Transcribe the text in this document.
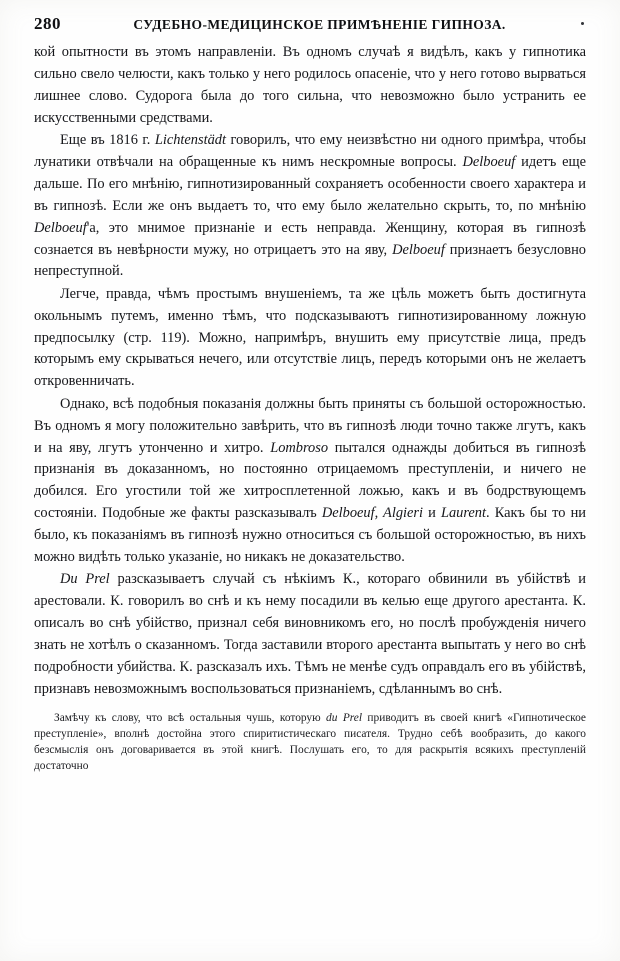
280	СУДЕБНО-МЕДИЦИНСКОЕ ПРИМѢНЕНІЕ ГИПНОЗА.

кой опытности въ этомъ направленіи. Въ одномъ случаѣ я видѣлъ, какъ у гипнотика сильно свело челюсти, какъ только у него родилось опасеніе, что у него готово вырваться лишнее слово. Судорога была до того сильна, что невозможно было устранить ее искусственными средствами.

Еще въ 1816 г. Lichtenstädt говорилъ, что ему неизвѣстно ни одного примѣра, чтобы лунатики отвѣчали на обращенные къ нимъ нескромные вопросы. Delboeuf идетъ еще дальше. По его мнѣнію, гипнотизированный сохраняетъ особенности своего характера и въ гипнозѣ. Если же онъ выдаетъ то, что ему было желательно скрыть, то, по мнѣнію Delboeuf'а, это мнимое признаніе и есть неправда. Женщину, которая въ гипнозѣ сознается въ невѣрности мужу, но отрицаетъ это на яву, Delboeuf признаетъ безусловно непреступной.

Легче, правда, чѣмъ простымъ внушеніемъ, та же цѣль можетъ быть достигнута окольнымъ путемъ, именно тѣмъ, что подсказываютъ гипнотизированному ложную предпосылку (стр. 119). Можно, напримѣръ, внушить ему присутствіе лица, предъ которымъ ему скрываться нечего, или отсутствіе лицъ, передъ которыми онъ не желаетъ откровенничать.

Однако, всѣ подобныя показанія должны быть приняты съ большой осторожностью. Въ одномъ я могу положительно завѣрить, что въ гипнозѣ люди точно также лгутъ, какъ и на яву, лгутъ утонченно и хитро. Lombroso пытался однажды добиться въ гипнозѣ признанія въ доказанномъ, но постоянно отрицаемомъ преступленіи, и ничего не добился. Его угостили той же хитросплетенной ложью, какъ и въ бодрствующемъ состояніи. Подобные же факты разсказывалъ Delboeuf, Algieri и Laurent. Какъ бы то ни было, къ показаніямъ въ гипнозѣ нужно относиться съ большой осторожностью, въ нихъ можно видѣть только указаніе, но никакъ не доказательство.

Du Prel разсказываетъ случай съ нѣкіимъ К., котораго обвинили въ убійствѣ и арестовали. К. говорилъ во снѣ и къ нему посадили въ келью еще другого арестанта. К. описалъ во снѣ убійство, признал себя виновникомъ его, но послѣ пробужденія ничего знать не хотѣлъ о сказанномъ. Тогда заставили второго арестанта выпытать у него во снѣ подробности убийства. К. разсказалъ ихъ. Тѣмъ не менѣе судъ оправдалъ его въ убійствѣ, признавъ невозможнымъ воспользоваться признаніемъ, сдѣланнымъ во снѣ.

Замѣчу къ слову, что всѣ остальныя чушь, которую du Prel приводитъ въ своей книгѣ «Гипнотическое преступленіе», вполнѣ достойна этого спиритистическаго писателя. Трудно себѣ вообразить, до какого безсмыслія онъ договаривается въ этой книгѣ. Послушать его, то для раскрытія всякихъ преступленій достаточно
